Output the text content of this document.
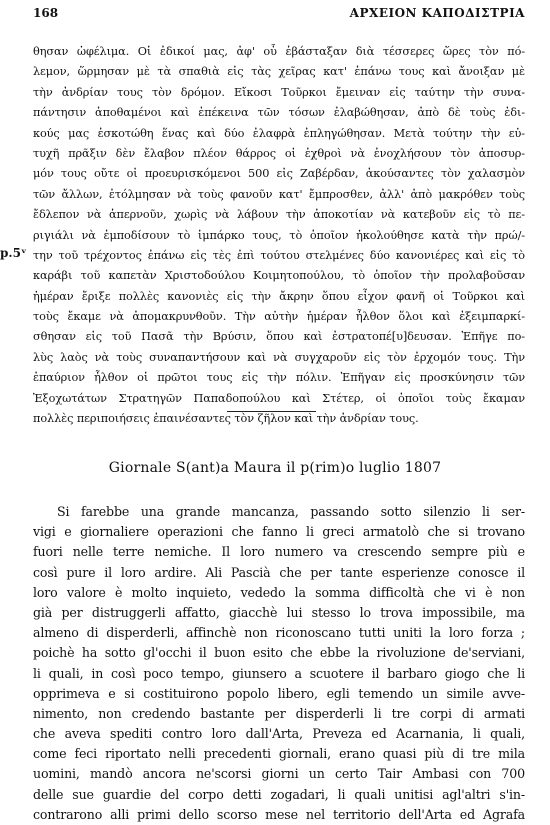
168	ΑΡΧΕΙΟΝ ΚΑΠΟΔΙΣΤΡΙΑ
p.5ᵛ
θησαν ὠφέλιμα. Οἱ ἐδικοί μας, ἀφ' οὗ ἐβάσταξαν διὰ τέσσερες ὥρες τὸν πό-
λεμον, ὥρμησαν μὲ τὰ σπαθιὰ εἰς τὰς χεῖρας κατ' ἐπάνω τους καὶ ἄνοιξαν μὲ
τὴν ἀνδρίαν τους τὸν δρόμον. Εἴκοσι Τοῦρκοι ἔμειναν εἰς ταύτην τὴν συνα-
πάντησιν ἀποθαμένοι καὶ ἐπέκεινα τῶν τόσων ἐλαβώθησαν, ἀπὸ δὲ τοὺς ἐδι-
κούς μας ἐσκοτώθη ἕνας καὶ δύο ἐλαφρὰ ἐπληγώθησαν. Μετὰ τούτην τὴν εὐ-
τυχῆ πρᾶξιν δὲν ἔλαβον πλέον θάρρος οἱ ἐχθροὶ νὰ ἐνοχλήσουν τὸν ἀποσυρ-
μόν τους οὔτε οἱ προευρισκόμενοι 500 εἰς Ζαβέρδαν, ἀκούσαντες τὸν χαλασμὸν
τῶν ἄλλων, ἐτόλμησαν νὰ τοὺς φανοῦν κατ' ἔμπροσθεν, ἀλλ' ἀπὸ μακρόθεν τοὺς
ἔδλεπον νὰ ἀπερνοῦν, χωρὶς νὰ λάβουν τὴν ἀποκοτίαν νὰ κατεβοῦν εἰς τὸ πε-
ριγιάλι νὰ ἐμποδίσουν τὸ ἰμπάρκο τους, τὸ ὁποῖον ἠκολούθησε κατὰ τὴν πρώ/-
την τοῦ τρέχοντος ἐπάνω εἰς τὲς ἐπὶ τούτου στελμένες δύο κανονιέρες καὶ εἰς τὸ
καράβι τοῦ καπετὰν Χριστοδούλου Κοιμητοπούλου, τὸ ὁποῖον τὴν προλαβοῦσαν
ἡμέραν ἔριξε πολλὲς κανονιὲς εἰς τὴν ἄκρην ὅπου εἶχον φανῆ οἱ Τοῦρκοι καὶ
τοὺς ἔκαμε νὰ ἀπομακρυνθοῦν. Τὴν αὐτὴν ἡμέραν ἦλθον ὅλοι καὶ ἐξειμπαρκί-
σθησαν εἰς τοῦ Πασᾶ τὴν Βρύσιν, ὅπου καὶ ἐστρατοπέ[υ]δευσαν. Ἐπῆγε πο-
λὺς λαὸς νὰ τοὺς συναπαντήσουν καὶ νὰ συγχαροῦν εἰς τὸν ἐρχομόν τους. Τὴν
ἐπαύριον ἦλθον οἱ πρῶτοι τους εἰς τὴν πόλιν. Ἐπῆγαν εἰς προσκύνησιν τῶν
Ἐξοχωτάτων Στρατηγῶν Παπαδοπούλου καὶ Στέτερ, οἱ ὁποῖοι τοὺς ἔκαμαν
πολλὲς περιποιήσεις ἐπαινέσαντες τὸν ζῆλον καὶ τὴν ἀνδρίαν τους.
Giornale S(ant)a Maura il p(rim)o luglio 1807
Si farebbe una grande mancanza, passando sotto silenzio li ser-
vigi e giornaliere operazioni che fanno li greci armatolò che si trovano
fuori nelle terre nemiche. Il loro numero va crescendo sempre più e
così pure il loro ardire. Ali Pascià che per tante esperienze conosce il
loro valore è molto inquieto, vededo la somma difficoltà che vi è non
già per distruggerli affatto, giacchè lui stesso lo trova impossibile, ma
almeno di disperderli, affinchè non riconoscano tutti uniti la loro forza ;
poichè ha sotto gl'occhi il buon esito che ebbe la rivoluzione de'serviani,
li quali, in così poco tempo, giunsero a scuotere il barbaro giogo che li
opprimeva e si costituirono popolo libero, egli temendo un simile avve-
nimento, non credendo bastante per disperderli li tre corpi di armati
che aveva spediti contro loro dall'Arta, Preveza ed Acarnania, li quali,
come feci riportato nelli precedenti giornali, erano quasi più di tre mila
uomini, mandò ancora ne'scorsi giorni un certo Tair Ambasi con 700
delle sue guardie del corpo detti zogadari, li quali unitisi agl'altri s'in-
contrarono alli primi dello scorso mese nel territorio dell'Arta ed Agrafa
